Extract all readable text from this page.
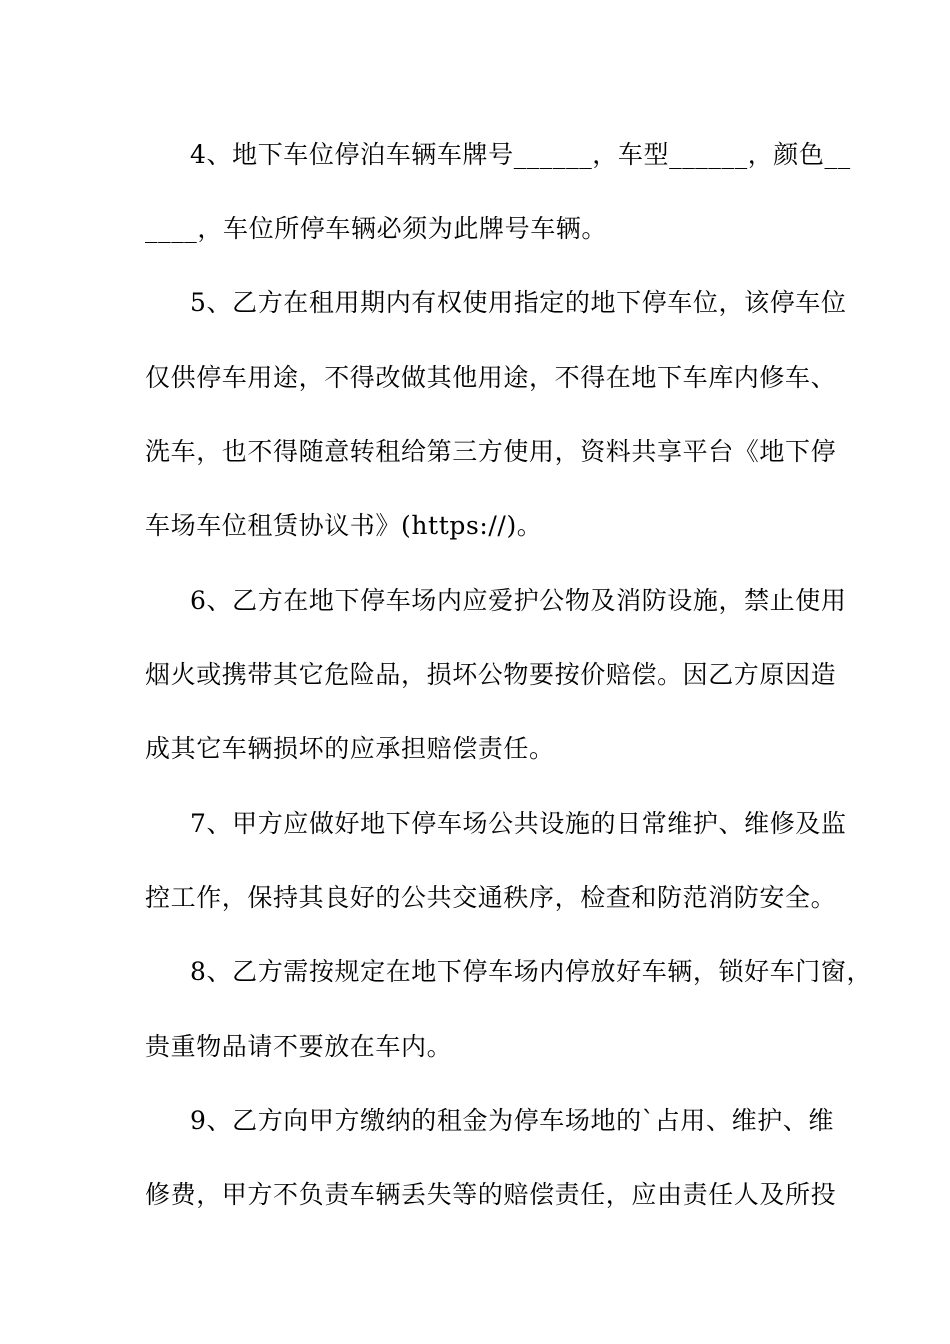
4、地下车位停泊车辆车牌号______，车型______，颜色__
____，车位所停车辆必须为此牌号车辆。
5、乙方在租用期内有权使用指定的地下停车位，该停车位
仅供停车用途，不得改做其他用途，不得在地下车库内修车、
洗车，也不得随意转租给第三方使用，资料共享平台《地下停
车场车位租赁协议书》(https://)。
6、乙方在地下停车场内应爱护公物及消防设施，禁止使用
烟火或携带其它危险品，损坏公物要按价赔偿。因乙方原因造
成其它车辆损坏的应承担赔偿责任。
7、甲方应做好地下停车场公共设施的日常维护、维修及监
控工作，保持其良好的公共交通秩序，检查和防范消防安全。
8、乙方需按规定在地下停车场内停放好车辆，锁好车门窗，
贵重物品请不要放在车内。
9、乙方向甲方缴纳的租金为停车场地的`占用、维护、维
修费，甲方不负责车辆丢失等的赔偿责任，应由责任人及所投
